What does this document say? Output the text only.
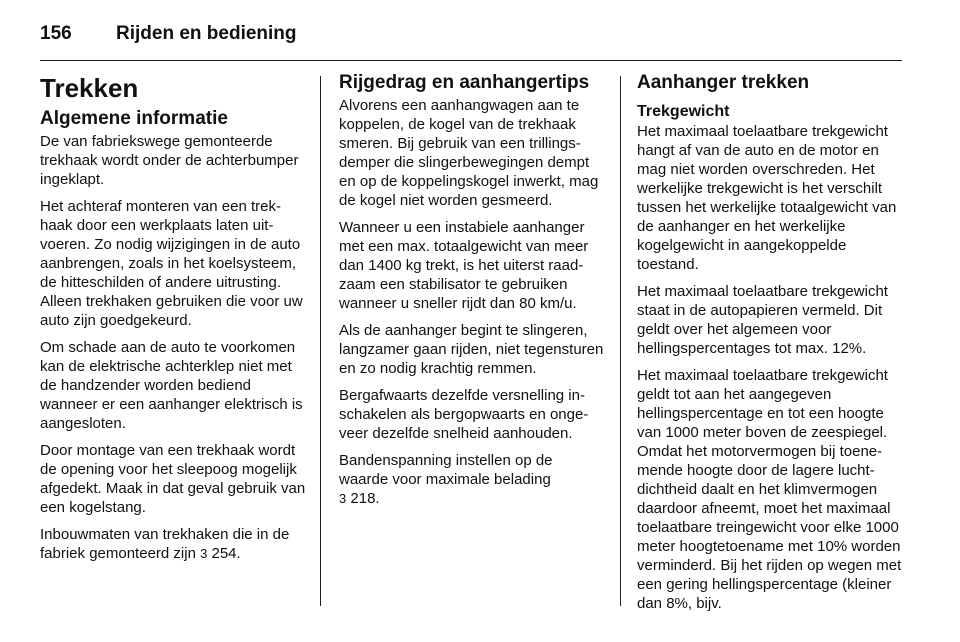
156	Rijden en bediening
Trekken
Algemene informatie

De van fabriekswege gemonteerde trekhaak wordt onder de achterbumper ingeklapt.

Het achteraf monteren van een trekhaak door een werkplaats laten uitvoeren. Zo nodig wijzigingen in de auto aanbrengen, zoals in het koelsysteem, de hitteschilden of andere uitrusting. Alleen trekhaken gebruiken die voor uw auto zijn goedgekeurd.

Om schade aan de auto te voorkomen kan de elektrische achterklep niet met de handzender worden bediend wanneer er een aanhanger elektrisch is aangesloten.

Door montage van een trekhaak wordt de opening voor het sleepoog mogelijk afgedekt. Maak in dat geval gebruik van een kogelstang.

Inbouwmaten van trekhaken die in de fabriek gemonteerd zijn 3 254.

Rijgedrag en aanhangertips

Alvorens een aanhangwagen aan te koppelen, de kogel van de trekhaak smeren. Bij gebruik van een trillingsdemper die slingerbewegingen dempt en op de koppelingskogel inwerkt, mag de kogel niet worden gesmeerd.

Wanneer u een instabiele aanhanger met een max. totaalgewicht van meer dan 1400 kg trekt, is het uiterst raadzaam een stabilisator te gebruiken wanneer u sneller rijdt dan 80 km/u.

Als de aanhanger begint te slingeren, langzamer gaan rijden, niet tegensturen en zo nodig krachtig remmen.

Bergafwaarts dezelfde versnelling inschakelen als bergopwaarts en ongeveer dezelfde snelheid aanhouden.

Bandenspanning instellen op de waarde voor maximale belading
3 218.

Aanhanger trekken
Trekgewicht

Het maximaal toelaatbare trekgewicht hangt af van de auto en de motor en mag niet worden overschreden. Het werkelijke trekgewicht is het verschilt tussen het werkelijke totaalgewicht van de aanhanger en het werkelijke kogelgewicht in aangekoppelde toestand.

Het maximaal toelaatbare trekgewicht staat in de autopapieren vermeld. Dit geldt over het algemeen voor hellingspercentages tot max. 12%.

Het maximaal toelaatbare trekgewicht geldt tot aan het aangegeven hellingspercentage en tot een hoogte van 1000 meter boven de zeespiegel. Omdat het motorvermogen bij toenemende hoogte door de lagere luchtdichtheid daalt en het klimvermogen daardoor afneemt, moet het maximaal toelaatbare treingewicht voor elke 1000 meter hoogtetoename met 10% worden verminderd. Bij het rijden op wegen met een gering hellingspercentage (kleiner dan 8%, bijv.
